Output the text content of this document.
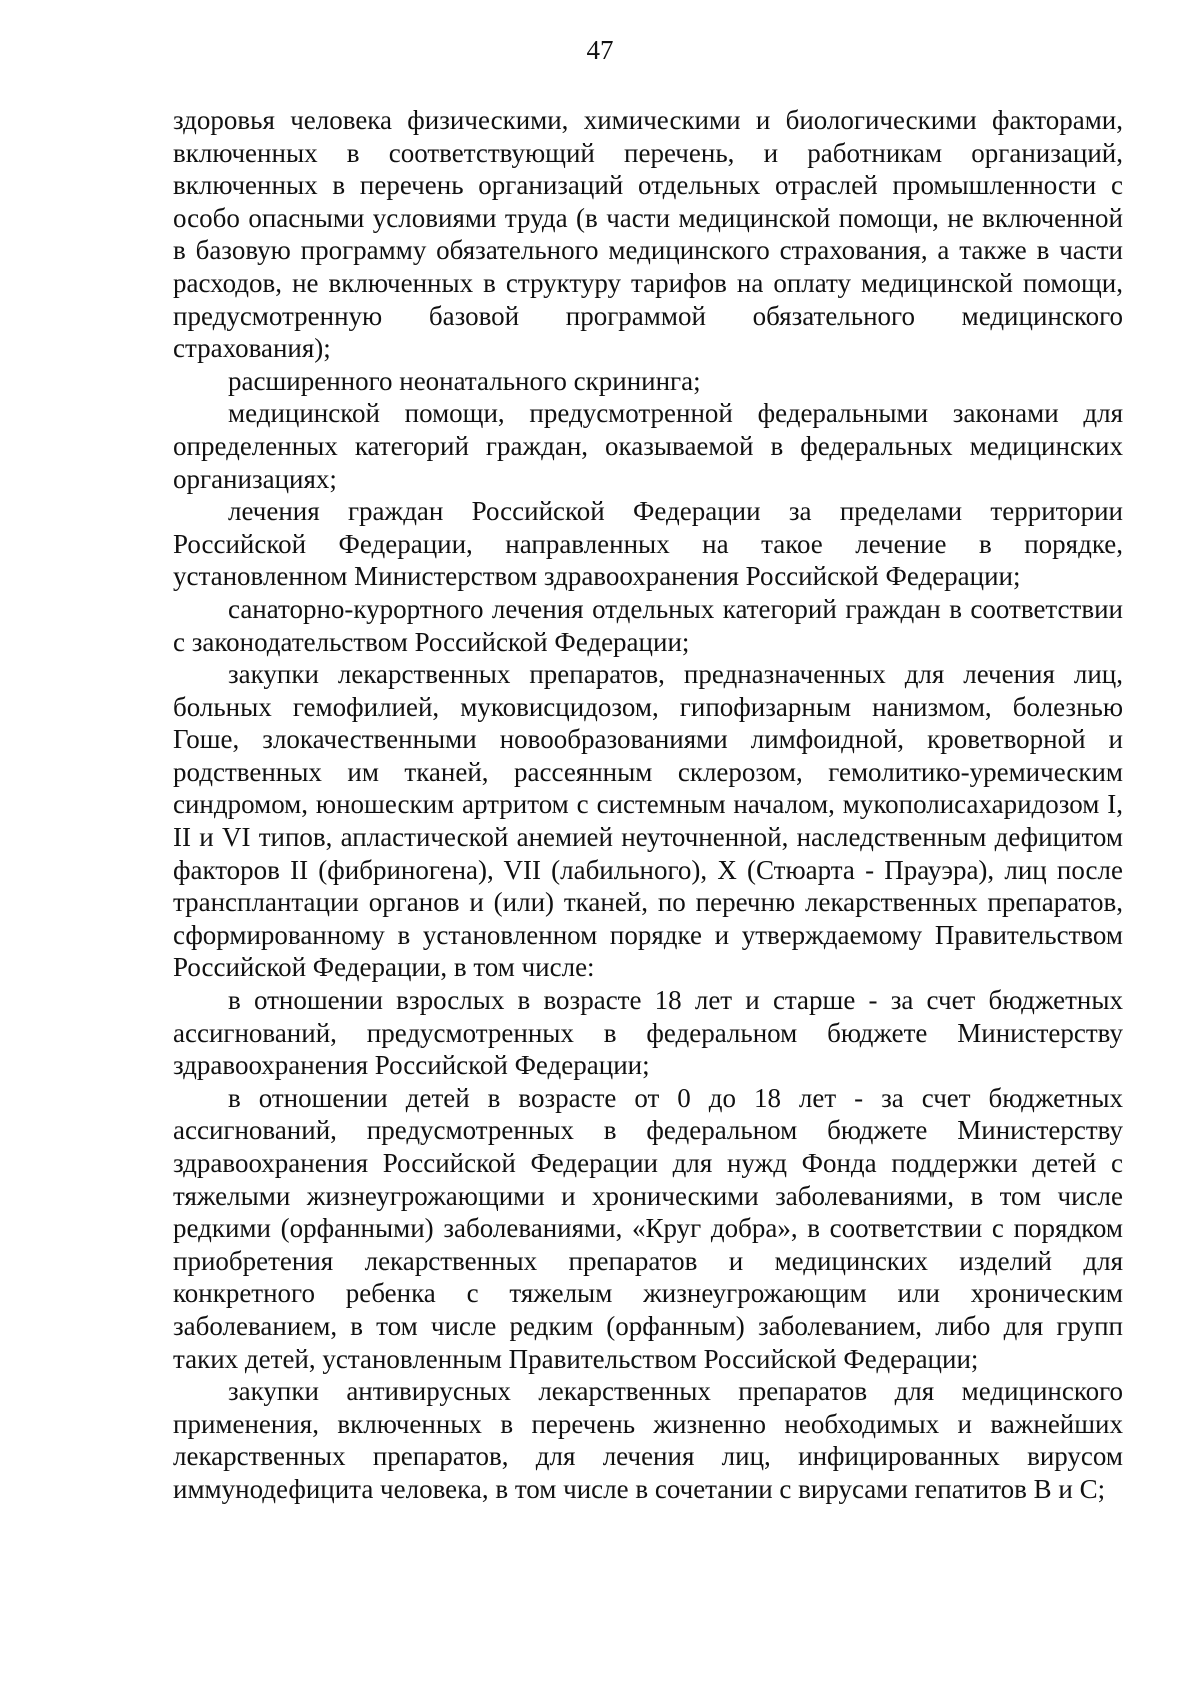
47

здоровья человека физическими, химическими и биологическими факторами, включенных в соответствующий перечень, и работникам организаций, включенных в перечень организаций отдельных отраслей промышленности с особо опасными условиями труда (в части медицинской помощи, не включенной в базовую программу обязательного медицинского страхования, а также в части расходов, не включенных в структуру тарифов на оплату медицинской помощи, предусмотренную базовой программой обязательного медицинского страхования);

расширенного неонатального скрининга;

медицинской помощи, предусмотренной федеральными законами для определенных категорий граждан, оказываемой в федеральных медицинских организациях;

лечения граждан Российской Федерации за пределами территории Российской Федерации, направленных на такое лечение в порядке, установленном Министерством здравоохранения Российской Федерации;

санаторно-курортного лечения отдельных категорий граждан в соответствии с законодательством Российской Федерации;

закупки лекарственных препаратов, предназначенных для лечения лиц, больных гемофилией, муковисцидозом, гипофизарным нанизмом, болезнью Гоше, злокачественными новообразованиями лимфоидной, кроветворной и родственных им тканей, рассеянным склерозом, гемолитико-уремическим синдромом, юношеским артритом с системным началом, мукополисахаридозом I, II и VI типов, апластической анемией неуточненной, наследственным дефицитом факторов II (фибриногена), VII (лабильного), X (Стюарта - Прауэра), лиц после трансплантации органов и (или) тканей, по перечню лекарственных препаратов, сформированному в установленном порядке и утверждаемому Правительством Российской Федерации, в том числе:

в отношении взрослых в возрасте 18 лет и старше - за счет бюджетных ассигнований, предусмотренных в федеральном бюджете Министерству здравоохранения Российской Федерации;

в отношении детей в возрасте от 0 до 18 лет - за счет бюджетных ассигнований, предусмотренных в федеральном бюджете Министерству здравоохранения Российской Федерации для нужд Фонда поддержки детей с тяжелыми жизнеугрожающими и хроническими заболеваниями, в том числе редкими (орфанными) заболеваниями, «Круг добра», в соответствии с порядком приобретения лекарственных препаратов и медицинских изделий для конкретного ребенка с тяжелым жизнеугрожающим или хроническим заболеванием, в том числе редким (орфанным) заболеванием, либо для групп таких детей, установленным Правительством Российской Федерации;

закупки антивирусных лекарственных препаратов для медицинского применения, включенных в перечень жизненно необходимых и важнейших лекарственных препаратов, для лечения лиц, инфицированных вирусом иммунодефицита человека, в том числе в сочетании с вирусами гепатитов B и C;
